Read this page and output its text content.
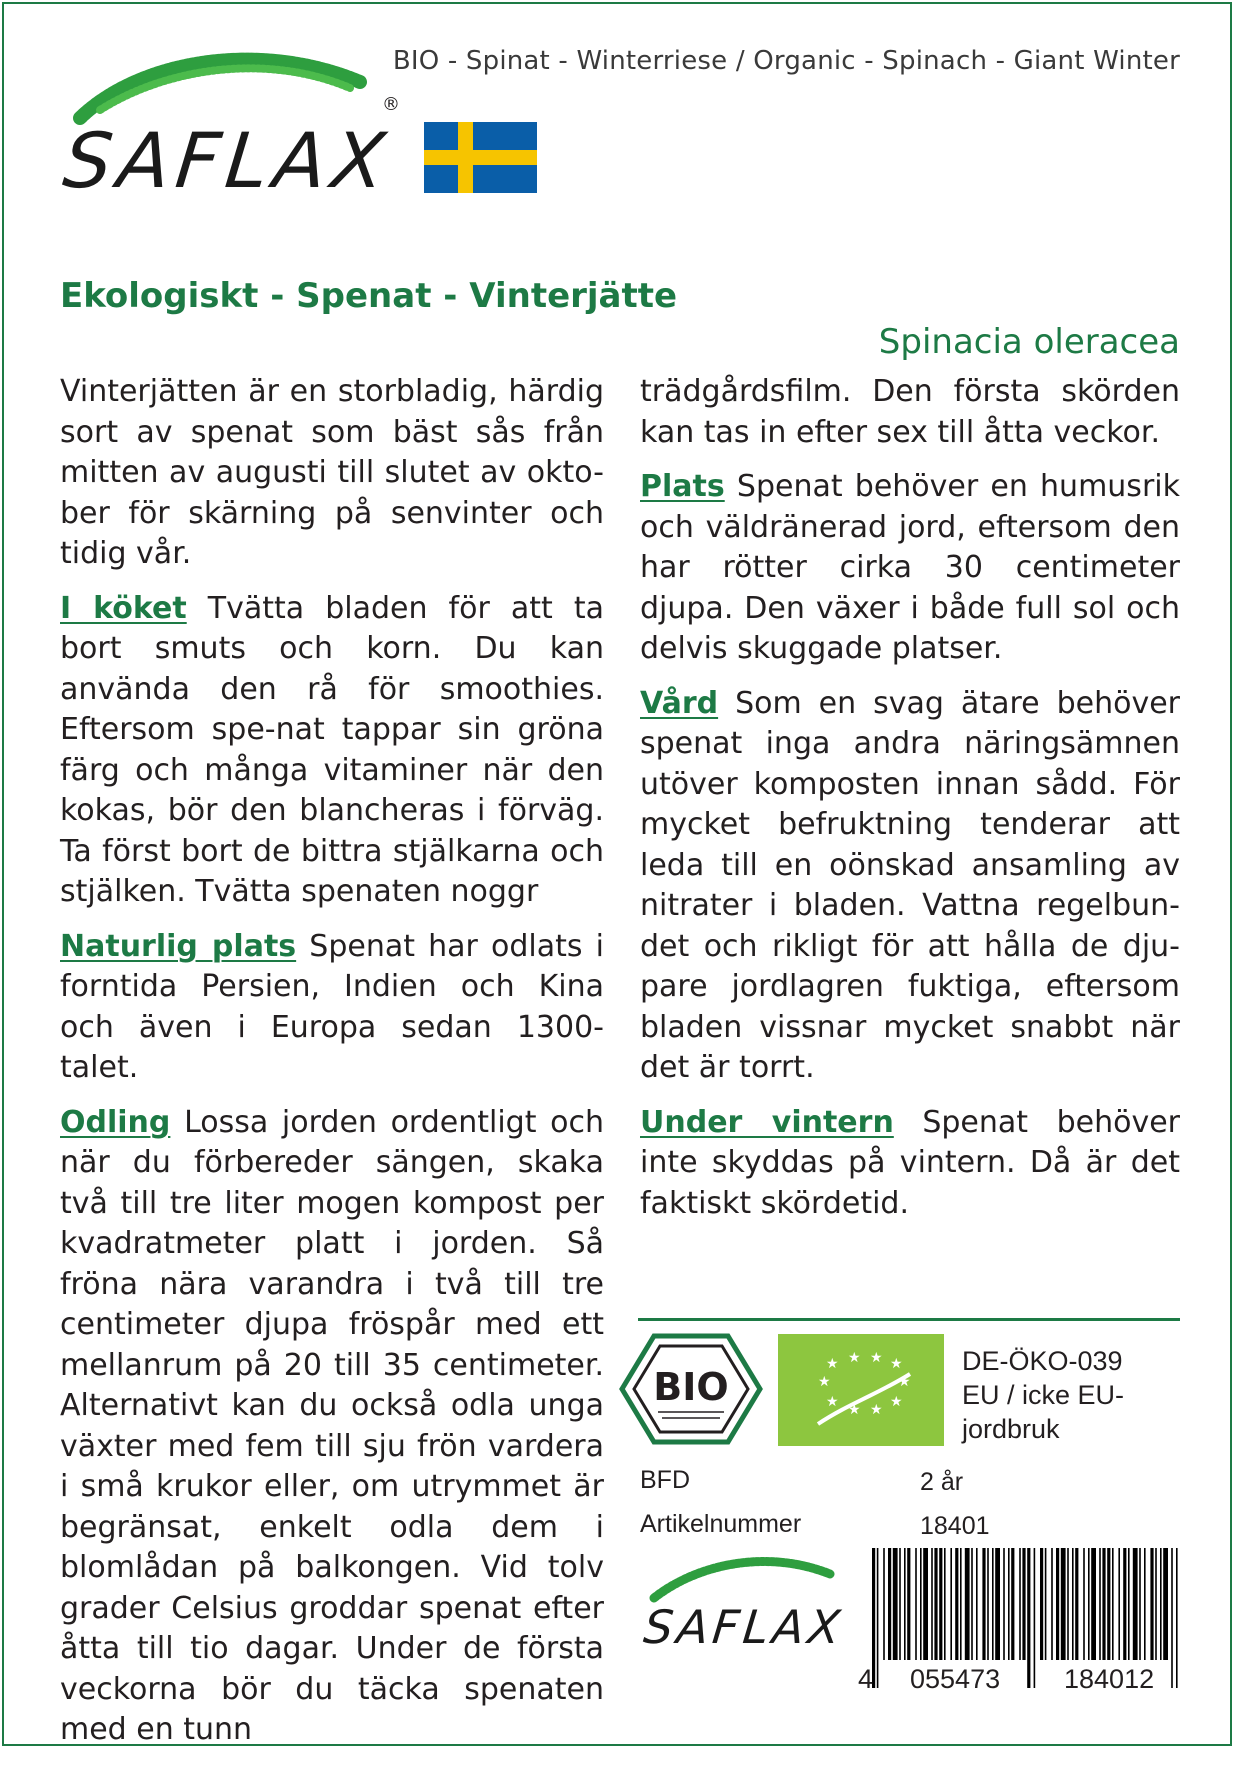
SAFLAX
®
BIO - Spinat - Winterriese / Organic - Spinach - Giant Winter
Ekologiskt - Spenat - Vinterjätte
Spinacia oleracea

Vinterjätten är en storbladig, härdig sort av spenat som bäst sås från mitten av augusti till slutet av okto-ber för skärning på senvinter och tidig vår.

I köket Tvätta bladen för att ta bort smuts och korn. Du kan använda den rå för smoothies. Eftersom spe-nat tappar sin gröna färg och många vitaminer när den kokas, bör den blancheras i förväg. Ta först bort de bittra stjälkarna och stjälken. Tvätta spenaten noggr

Naturlig plats Spenat har odlats i forntida Persien, Indien och Kina och även i Europa sedan 1300-talet.

Odling Lossa jorden ordentligt och när du förbereder sängen, skaka två till tre liter mogen kompost per kvadratmeter platt i jorden. Så fröna nära varandra i två till tre centimeter djupa fröspår med ett mellanrum på 20 till 35 centimeter. Alternativt kan du också odla unga växter med fem till sju frön vardera i små krukor eller, om utrymmet är begränsat, enkelt odla dem i blomlådan på balkongen. Vid tolv grader Celsius groddar spenat efter åtta till tio dagar. Under de första veckorna bör du täcka spenaten med en tunn

trädgårdsfilm. Den första skörden kan tas in efter sex till åtta veckor.

Plats Spenat behöver en humusrik och väldränerad jord, eftersom den har rötter cirka 30 centimeter djupa. Den växer i både full sol och delvis skuggade platser.

Vård Som en svag ätare behöver spenat inga andra näringsämnen utöver komposten innan sådd. För mycket befruktning tenderar att leda till en oönskad ansamling av nitrater i bladen. Vattna regelbun-det och rikligt för att hålla de dju-pare jordlagren fuktiga, eftersom bladen vissnar mycket snabbt när det är torrt.

Under vintern Spenat behöver inte skyddas på vintern. Då är det faktiskt skördetid.

BIO
★ ★ ★ ★
★
★
★
★
★
★
DE-ÖKO-039
EU / icke EU-
jordbruk
BFD	2 år
Artikelnummer	18401
SAFLAX
4 055473 184012
